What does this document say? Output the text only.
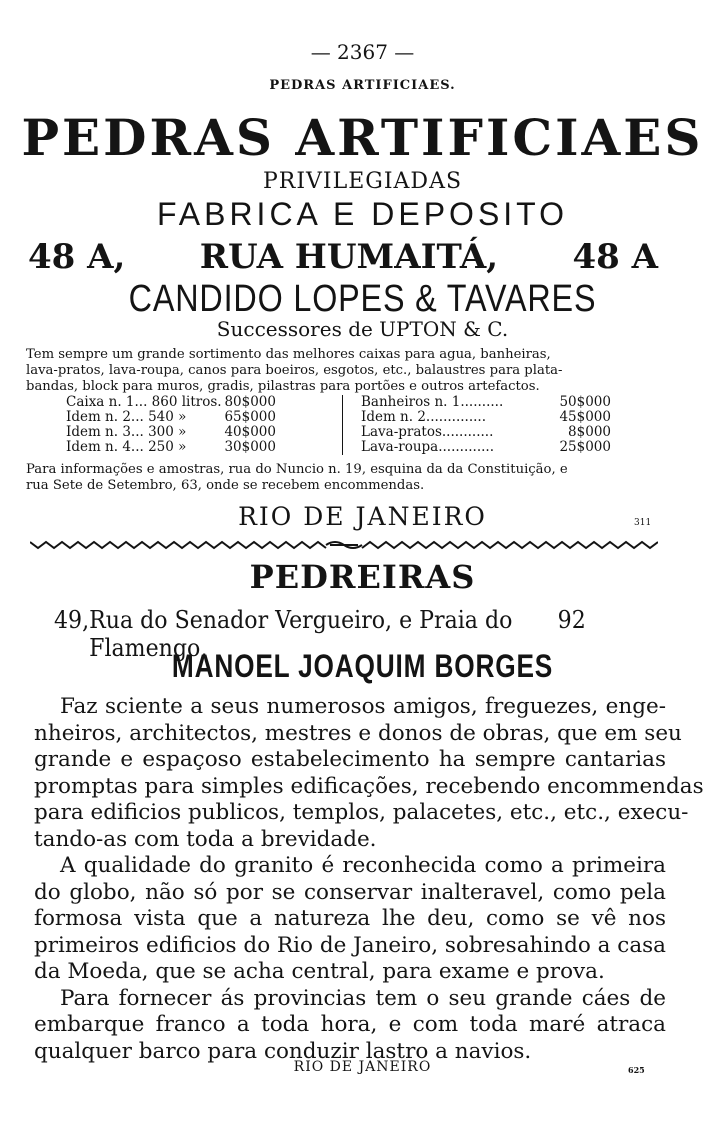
— 2367 —
PEDRAS ARTIFICIAES.
PEDRAS ARTIFICIAES
PRIVILEGIADAS
FABRICA E DEPOSITO
48 A, RUA HUMAITÁ, 48 A
CANDIDO LOPES & TAVARES
Successores de UPTON & C.
Tem sempre um grande sortimento das melhores caixas para agua, banheiras,
lava-pratos, lava-roupa, canos para boeiros, esgotos, etc., balaustres para plata-
bandas, block para muros, gradis, pilastras para portões e outros artefactos.
Caixa n. 1... 860 litros. 80$000
Idem n. 2... 540 »	65$000
Idem n. 3... 300 »	40$000
Idem n. 4... 250 »	30$000
Banheiros n. 1..........	50$000
Idem n. 2..............	45$000
Lava-pratos............	8$000
Lava-roupa.............	25$000
Para informações e amostras, rua do Nuncio n. 19, esquina da da Constituição, e
rua Sete de Setembro, 63, onde se recebem encommendas.
RIO DE JANEIRO	311
PEDREIRAS
49, Rua do Senador Vergueiro, e Praia do Flamengo,
92
MANOEL JOAQUIM BORGES
Faz sciente a seus numerosos amigos, freguezes, enge-
nheiros, architectos, mestres e donos de obras, que em seu
grande e espaçoso estabelecimento ha sempre cantarias
promptas para simples edificações, recebendo encommendas
para edificios publicos, templos, palacetes, etc., etc., execu-
tando-as com toda a brevidade.
A qualidade do granito é reconhecida como a primeira
do globo, não só por se conservar inalteravel, como pela
formosa vista que a natureza lhe deu, como se vê nos
primeiros edificios do Rio de Janeiro, sobresahindo a casa
da Moeda, que se acha central, para exame e prova.
Para fornecer ás provincias tem o seu grande cáes de
embarque franco a toda hora, e com toda maré atraca
qualquer barco para conduzir lastro a navios.
RIO DE JANEIRO	625
